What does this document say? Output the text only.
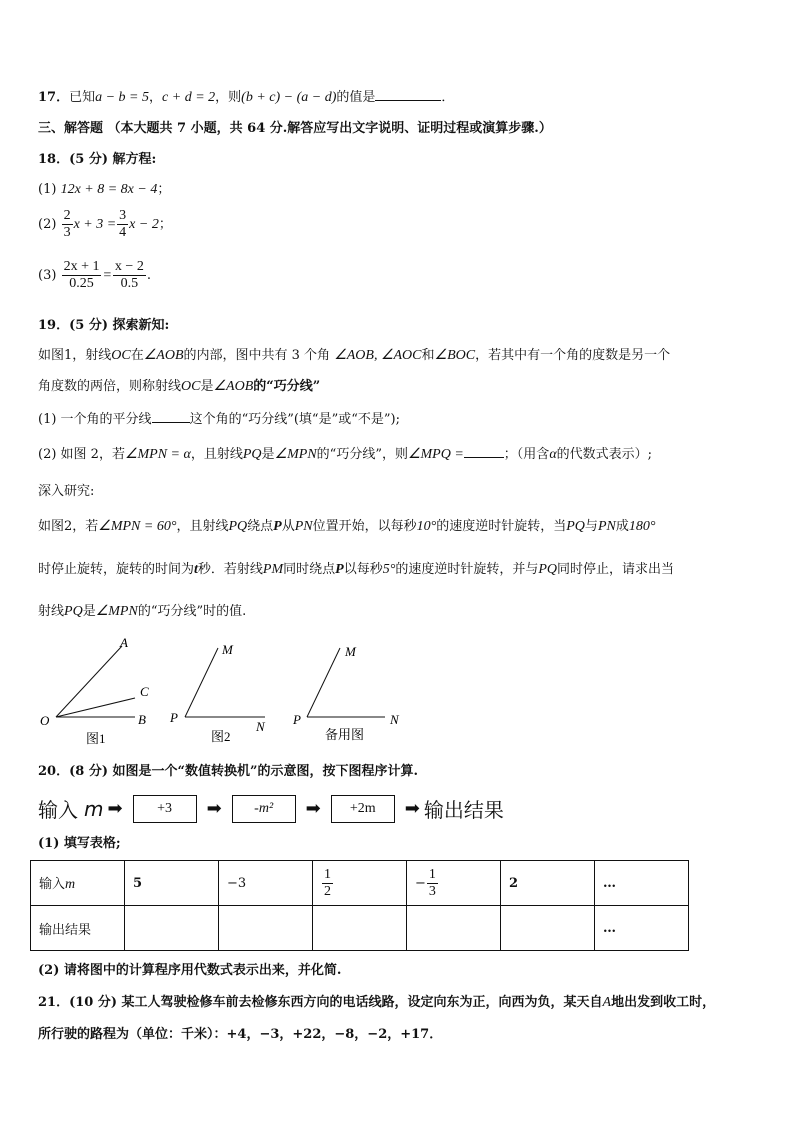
17．已知a − b = 5，c + d = 2，则(b + c) − (a − d)的值是	．
三、解答题 （本大题共 7 小题，共 64 分.解答应写出文字说明、证明过程或演算步骤.）
18．(5 分) 解方程:
(1) 12x + 8 = 8x − 4；
$(2) \frac{2}{3}$ $x + 3 = \frac{3}{4}$ x − 2；
$(3) \frac{2x + 1}{0.25} = \frac{x - 2}{0.5}$ .
19．(5 分) 探索新知:
如图1，射线OC在∠AOB的内部，图中共有 3 个角 ∠AOB, ∠AOC和∠BOC，若其中有一个角的度数是另一个
角度数的两倍，则称射线OC是∠AOB的“巧分线”
(1) 一个角的平分线	这个角的“巧分线”(填“是”或“不是”);
(2) 如图 2，若∠MPN = α，且射线PQ是∠MPN的“巧分线”，则∠MPQ =	；（用含α的代数式表示）;
深入研究:
如图2，若∠MPN = 60°，且射线PQ绕点P从PN位置开始，以每秒10°的速度逆时针旋转，当PQ与PN成180°
时停止旋转，旋转的时间为t秒．若射线PM同时绕点P以每秒5°的速度逆时针旋转，并与PQ同时停止，请求出当
射线PQ是∠MPN的“巧分线”时的值.
A
C
O	B
图1
M
P
N
图2
M
P	N
备用图
20．(8 分) 如图是一个“数值转换机”的示意图，按下图程序计算.
输入 m ➡	+3	➡	-m²	➡	+2m	➡ 输出结果
(1) 填写表格;
输入m	5	−3	$\frac{1}{2}$	− $\frac{1}{3}$	2	…
输出结果						…
(2) 请将图中的计算程序用代数式表示出来，并化简.
21．(10 分) 某工人驾驶检修车前去检修东西方向的电话线路，设定向东为正，向西为负，某天自A地出发到收工时，
所行驶的路程为（单位：千米）：+4，−3，+22，−8，−2，+17．
